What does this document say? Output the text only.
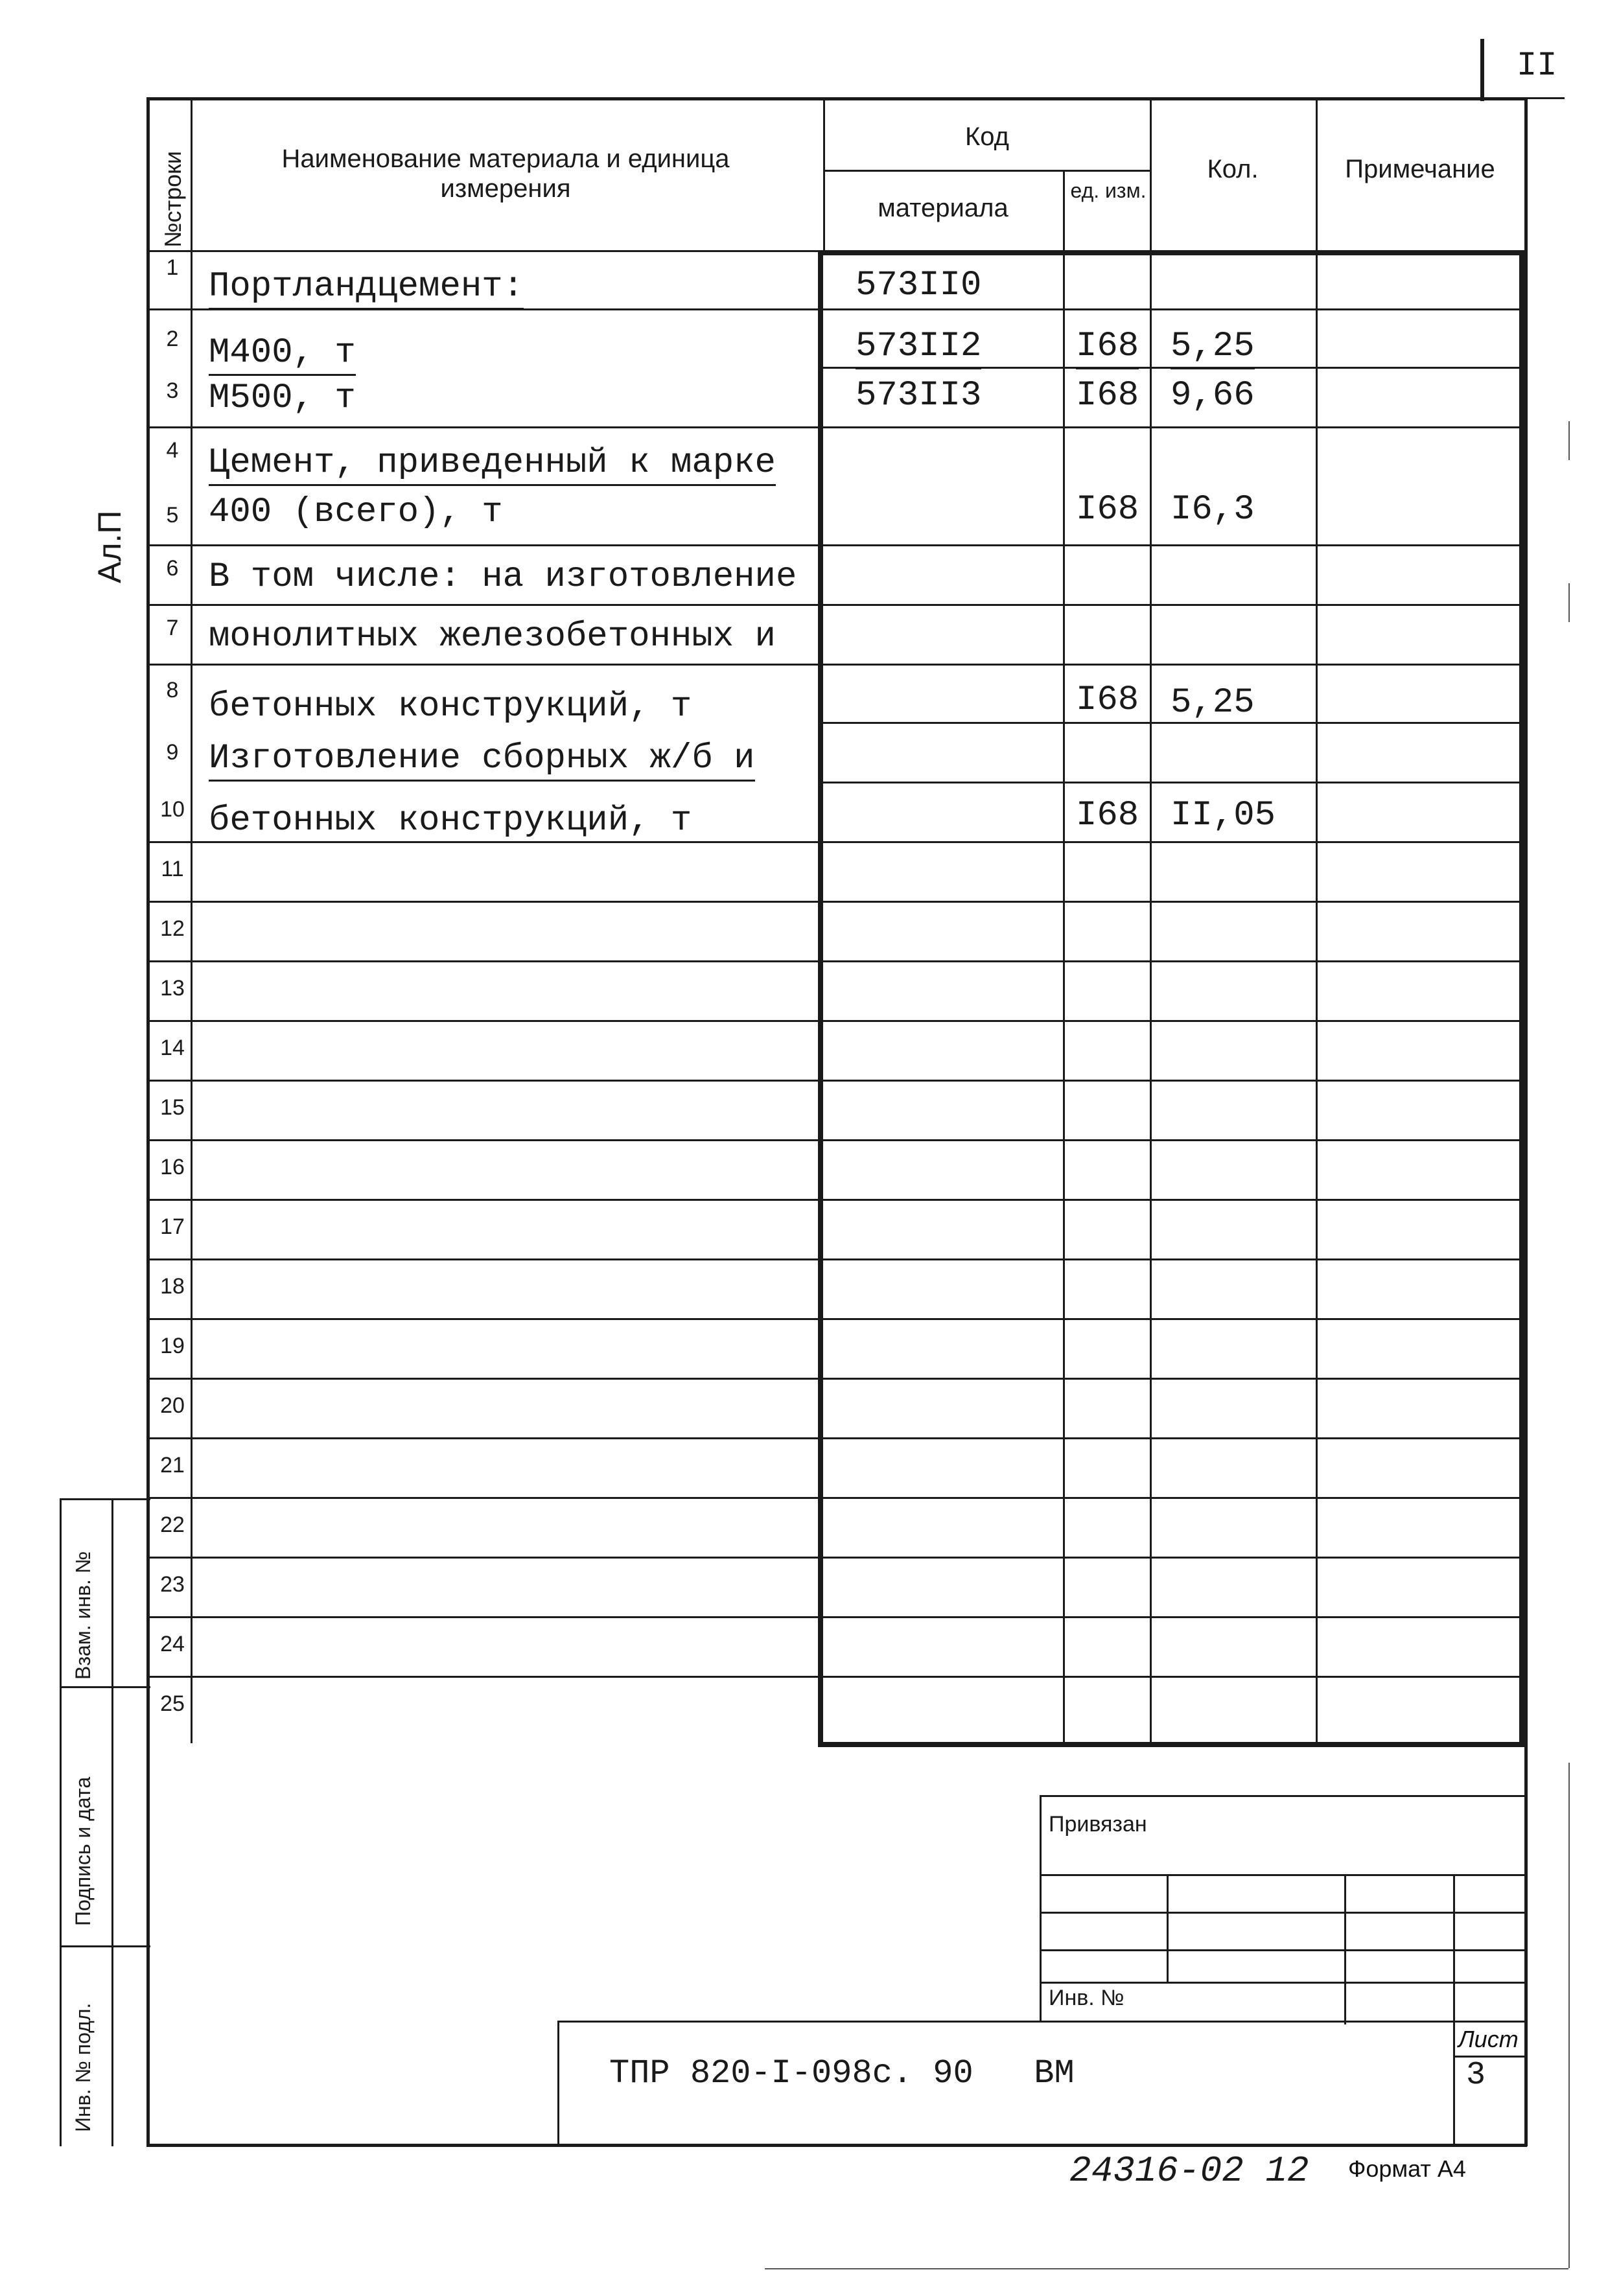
II
Ал.П
Взам. инв. №
Подпись и дата
Инв. № подл.
№строки	Наименование материала и единица измерения
Код
материала
ед. изм.
Кол.	Примечание
1
2
3
4
5
6
7
8
9
10
11
12
13
14
15
16
17
18
19
20
21
22
23
24
25
Портландцемент:
М400, т
М500, т
Цемент, приведенный к марке
400 (всего), т
В том числе: на изготовление
монолитных железобетонных и
бетонных конструкций, т
Изготовление сборных ж/б и
бетонных конструкций, т
573II0
573II2
573II3
I68
I68
I68
I68
I68
5,25
9,66
I6,3
5,25
II,05
Привязан
Инв. №
ТПР 820-I-098с. 90   ВМ
Лист
3
24316-02 12 Формат А4
